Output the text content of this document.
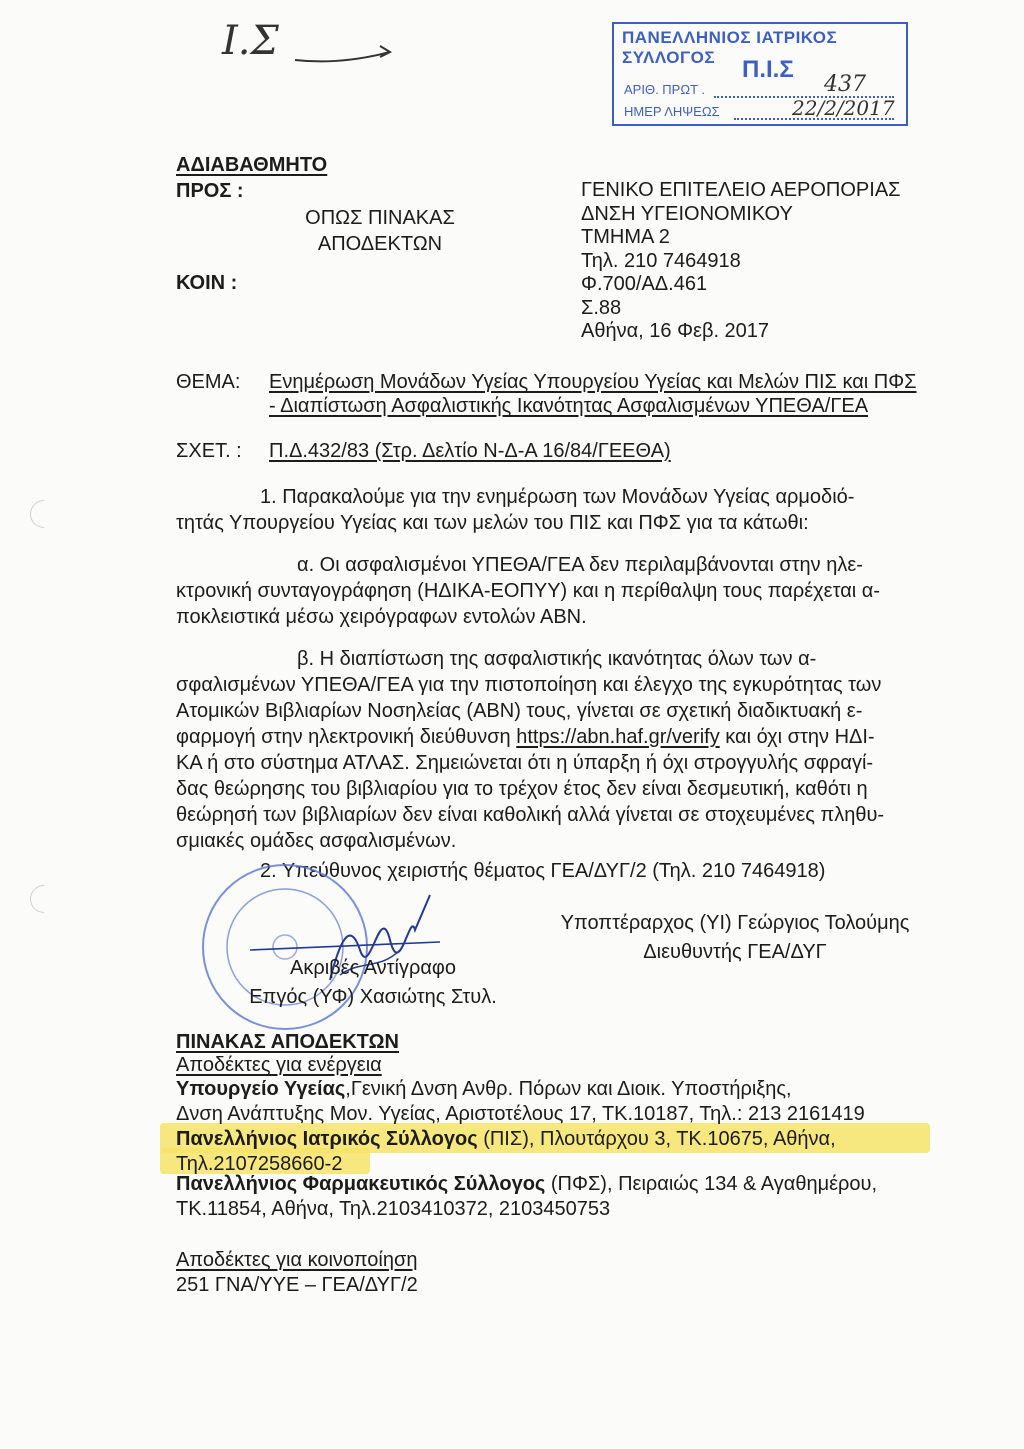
Ι.Σ	ΠΑΝΕΛΛΗΝΙΟΣ ΙΑΤΡΙΚΟΣ ΣΥΛΛΟΓΟΣ	Π.Ι.Σ
ΑΡΙΘ. ΠΡΩΤ .
ΗΜΕΡ ΛΗΨΕΩΣ
437
22/2/2017
ΑΔΙΑΒΑΘΜΗΤΟ
ΠΡΟΣ :
ΟΠΩΣ ΠΙΝΑΚΑΣ
ΑΠΟΔΕΚΤΩΝ
ΚΟΙΝ :
ΓΕΝΙΚΟ ΕΠΙΤΕΛΕΙΟ ΑΕΡΟΠΟΡΙΑΣ
ΔΝΣΗ ΥΓΕΙΟΝΟΜΙΚΟΥ
ΤΜΗΜΑ 2
Τηλ. 210 7464918
Φ.700/ΑΔ.461
Σ.88
Αθήνα, 16 Φεβ. 2017
ΘΕΜΑ: Ενημέρωση Μονάδων Υγείας Υπουργείου Υγείας και Μελών ΠΙΣ και ΠΦΣ
- Διαπίστωση Ασφαλιστικής Ικανότητας Ασφαλισμένων ΥΠΕΘΑ/ΓΕΑ
ΣΧΕΤ. : Π.Δ.432/83 (Στρ. Δελτίο Ν-Δ-Α 16/84/ΓΕΕΘΑ)
1. Παρακαλούμε για την ενημέρωση των Μονάδων Υγείας αρμοδιό-
τητάς Υπουργείου Υγείας και των μελών του ΠΙΣ και ΠΦΣ για τα κάτωθι:
α. Οι ασφαλισμένοι ΥΠΕΘΑ/ΓΕΑ δεν περιλαμβάνονται στην ηλε-
κτρονική συνταγογράφηση (ΗΔΙΚΑ-ΕΟΠΥΥ) και η περίθαλψη τους παρέχεται α-
ποκλειστικά μέσω χειρόγραφων εντολών ΑΒΝ.
β. Η διαπίστωση της ασφαλιστικής ικανότητας όλων των α-
σφαλισμένων ΥΠΕΘΑ/ΓΕΑ για την πιστοποίηση και έλεγχο της εγκυρότητας των
Ατομικών Βιβλιαρίων Νοσηλείας (ΑΒΝ) τους, γίνεται σε σχετική διαδικτυακή ε-
φαρμογή στην ηλεκτρονική διεύθυνση https://abn.haf.gr/verify και όχι στην ΗΔΙ-
ΚΑ ή στο σύστημα ΑΤΛΑΣ. Σημειώνεται ότι η ύπαρξη ή όχι στρογγυλής σφραγί-
δας θεώρησης του βιβλιαρίου για το τρέχον έτος δεν είναι δεσμευτική, καθότι η
θεώρησή των βιβλιαρίων δεν είναι καθολική αλλά γίνεται σε στοχευμένες πληθυ-
σμιακές ομάδες ασφαλισμένων.
2. Υπεύθυνος χειριστής θέματος ΓΕΑ/ΔΥΓ/2 (Τηλ. 210 7464918)
Υποπτέραρχος (ΥΙ) Γεώργιος Τολούμης
Διευθυντής ΓΕΑ/ΔΥΓ
Ακριβές Αντίγραφο
Επγός (ΥΦ) Χασιώτης Στυλ.
ΠΙΝΑΚΑΣ ΑΠΟΔΕΚΤΩΝ
Αποδέκτες για ενέργεια
Υπουργείο Υγείας,Γενική Δνση Ανθρ. Πόρων και Διοικ. Υποστήριξης,
Δνση Ανάπτυξης Μον. Υγείας, Αριστοτέλους 17, ΤΚ.10187, Τηλ.: 213 2161419
Πανελλήνιος Ιατρικός Σύλλογος (ΠΙΣ), Πλουτάρχου 3, ΤΚ.10675, Αθήνα,
Τηλ.2107258660-2
Πανελλήνιος Φαρμακευτικός Σύλλογος (ΠΦΣ), Πειραιώς 134 & Αγαθημέρου,
ΤΚ.11854, Αθήνα, Τηλ.2103410372, 2103450753
Αποδέκτες για κοινοποίηση
251 ΓΝΑ/ΥΥΕ – ΓΕΑ/ΔΥΓ/2
